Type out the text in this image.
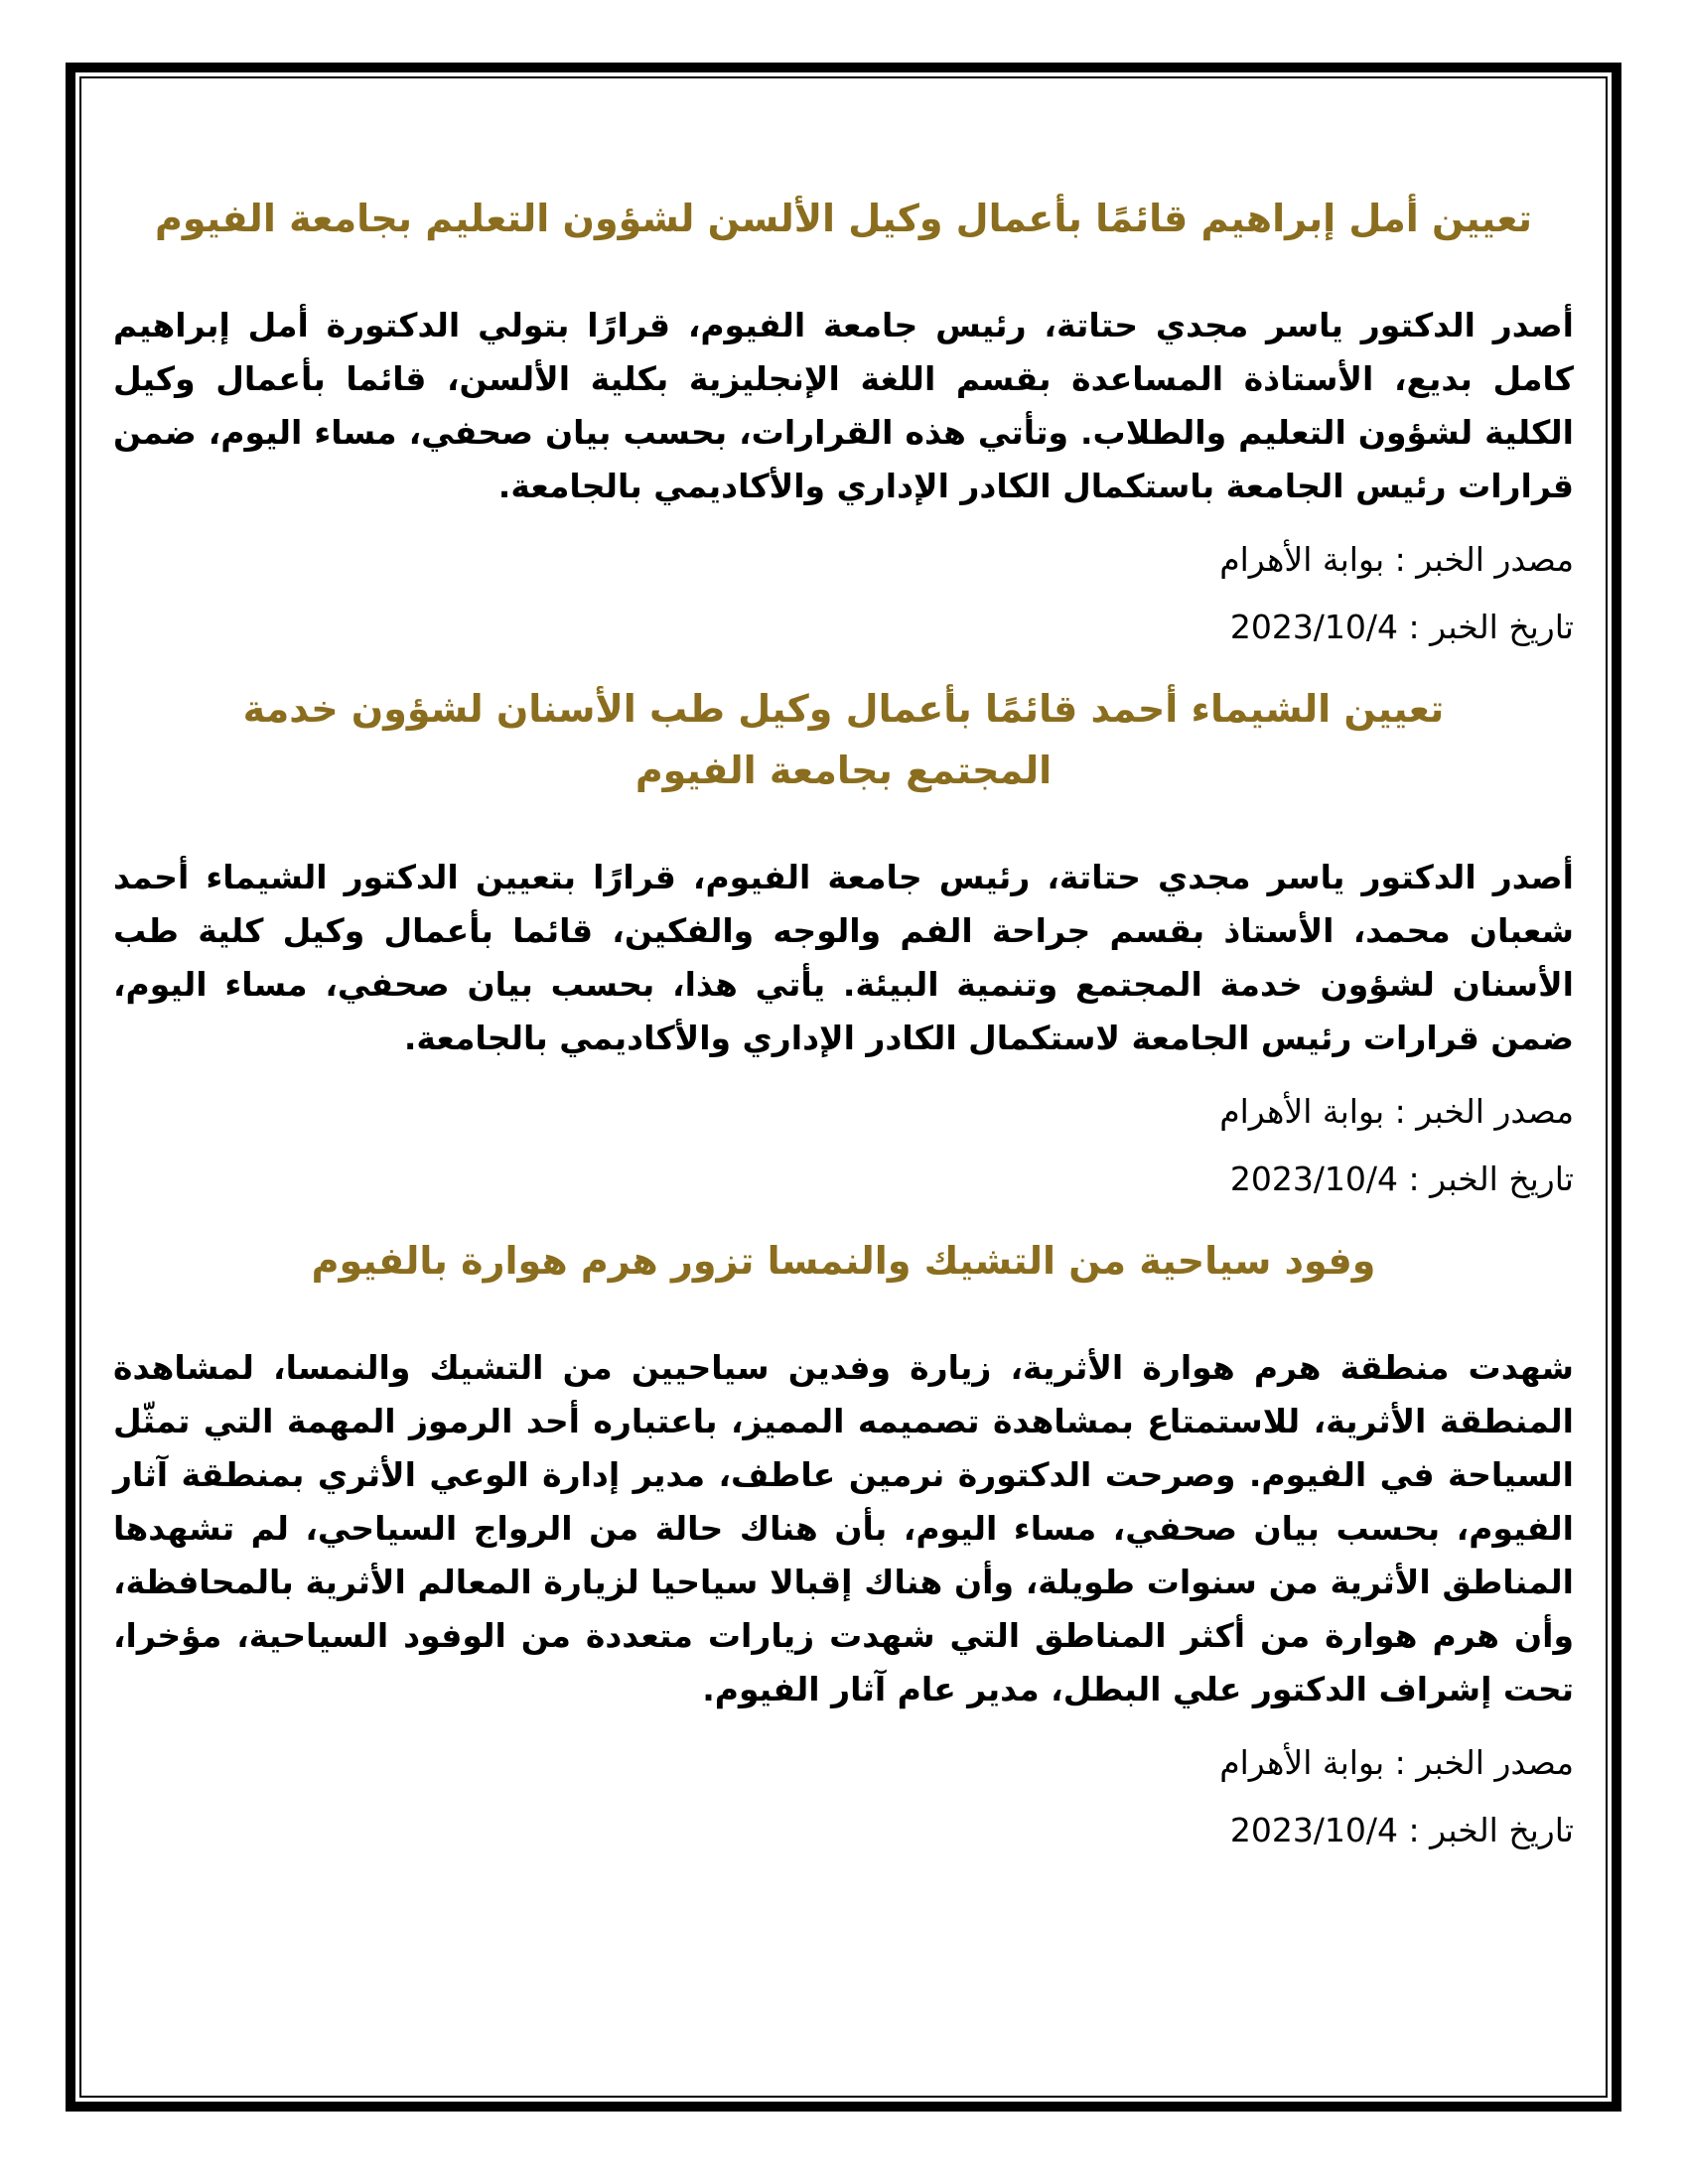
تعيين أمل إبراهيم قائمًا بأعمال وكيل الألسن لشؤون التعليم بجامعة الفيوم

أصدر الدكتور ياسر مجدي حتاتة، رئيس جامعة الفيوم، قرارًا بتولي الدكتورة أمل إبراهيم كامل بديع، الأستاذة المساعدة بقسم اللغة الإنجليزية بكلية الألسن، قائما بأعمال وكيل الكلية لشؤون التعليم والطلاب. وتأتي هذه القرارات، بحسب بيان صحفي، مساء اليوم، ضمن قرارات رئيس الجامعة باستكمال الكادر الإداري والأكاديمي بالجامعة.

مصدر الخبر : بوابة الأهرام

تاريخ الخبر : 2023/10/4

تعيين الشيماء أحمد قائمًا بأعمال وكيل طب الأسنان لشؤون خدمة المجتمع بجامعة الفيوم

أصدر الدكتور ياسر مجدي حتاتة، رئيس جامعة الفيوم، قرارًا بتعيين الدكتور الشيماء أحمد شعبان محمد، الأستاذ بقسم جراحة الفم والوجه والفكين، قائما بأعمال وكيل كلية طب الأسنان لشؤون خدمة المجتمع وتنمية البيئة. يأتي هذا، بحسب بيان صحفي، مساء اليوم، ضمن قرارات رئيس الجامعة لاستكمال الكادر الإداري والأكاديمي بالجامعة.

مصدر الخبر : بوابة الأهرام

تاريخ الخبر : 2023/10/4

وفود سياحية من التشيك والنمسا تزور هرم هوارة بالفيوم

شهدت منطقة هرم هوارة الأثرية، زيارة وفدين سياحيين من التشيك والنمسا، لمشاهدة المنطقة الأثرية، للاستمتاع بمشاهدة تصميمه المميز، باعتباره أحد الرموز المهمة التي تمثّل السياحة في الفيوم. وصرحت الدكتورة نرمين عاطف، مدير إدارة الوعي الأثري بمنطقة آثار الفيوم، بحسب بيان صحفي، مساء اليوم، بأن هناك حالة من الرواج السياحي، لم تشهدها المناطق الأثرية من سنوات طويلة، وأن هناك إقبالا سياحيا لزيارة المعالم الأثرية بالمحافظة، وأن هرم هوارة من أكثر المناطق التي شهدت زيارات متعددة من الوفود السياحية، مؤخرا، تحت إشراف الدكتور علي البطل، مدير عام آثار الفيوم.

مصدر الخبر : بوابة الأهرام

تاريخ الخبر : 2023/10/4
